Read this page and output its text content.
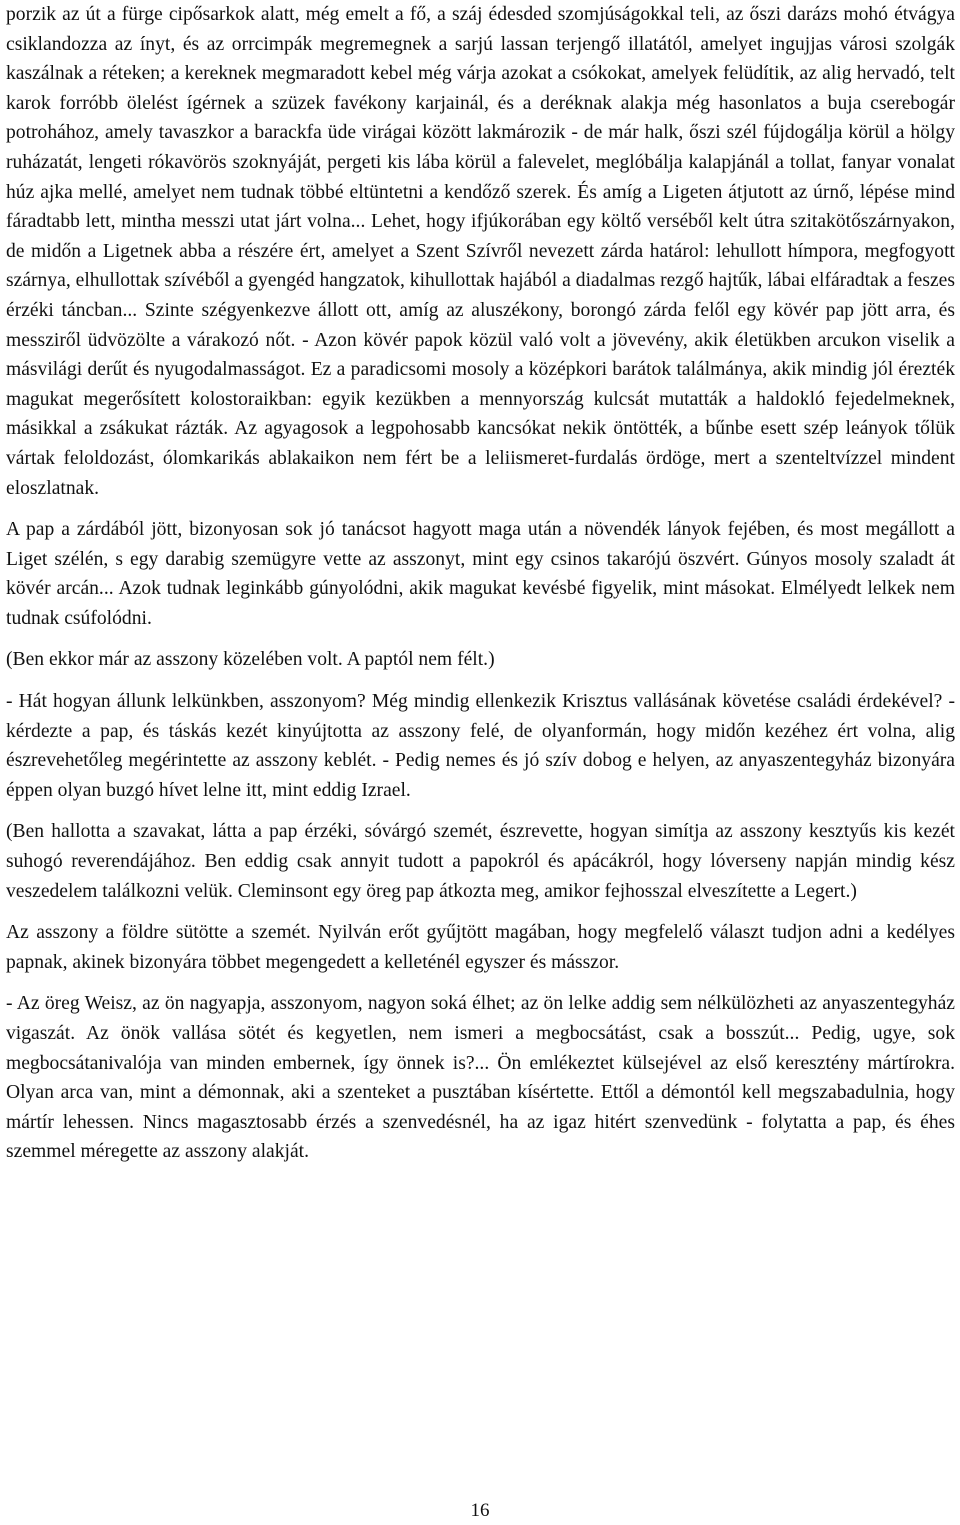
porzik az út a fürge cipősarkok alatt, még emelt a fő, a száj édesded szomjúságokkal teli, az őszi darázs mohó étvágya csiklandozza az ínyt, és az orrcimpák megremegnek a sarjú lassan terjengő illatától, amelyet ingujjas városi szolgák kaszálnak a réteken; a kereknek megmaradott kebel még várja azokat a csókokat, amelyek felüdítik, az alig hervadó, telt karok forróbb ölelést ígérnek a szüzek favékony karjainál, és a deréknak alakja még hasonlatos a buja cserebogár potrohához, amely tavaszkor a barackfa üde virágai között lakmározik - de már halk, őszi szél fújdogálja körül a hölgy ruházatát, lengeti rókavörös szoknyáját, pergeti kis lába körül a falevelet, meglóbálja kalapjánál a tollat, fanyar vonalat húz ajka mellé, amelyet nem tudnak többé eltüntetni a kendőző szerek. És amíg a Ligeten átjutott az úrnő, lépése mind fáradtabb lett, mintha messzi utat járt volna... Lehet, hogy ifjúkorában egy költő verséből kelt útra szitakötőszárnyakon, de midőn a Ligetnek abba a részére ért, amelyet a Szent Szívről nevezett zárda határol: lehullott hímpora, megfogyott szárnya, elhullottak szívéből a gyengéd hangzatok, kihullottak hajából a diadalmas rezgő hajtűk, lábai elfáradtak a feszes érzéki táncban... Szinte szégyenkezve állott ott, amíg az aluszékony, borongó zárda felől egy kövér pap jött arra, és messziről üdvözölte a várakozó nőt. - Azon kövér papok közül való volt a jövevény, akik életükben arcukon viselik a másvilági derűt és nyugodalmasságot. Ez a paradicsomi mosoly a középkori barátok találmánya, akik mindig jól érezték magukat megerősített kolostoraikban: egyik kezükben a mennyország kulcsát mutatták a haldokló fejedelmeknek, másikkal a zsákukat rázták. Az agyagosok a legpohosabb kancsókat nekik öntötték, a bűnbe esett szép leányok tőlük vártak feloldozást, ólomkarikás ablakaikon nem fért be a leliismeret-furdalás ördöge, mert a szenteltvízzel mindent eloszlatnak.

A pap a zárdából jött, bizonyosan sok jó tanácsot hagyott maga után a növendék lányok fejében, és most megállott a Liget szélén, s egy darabig szemügyre vette az asszonyt, mint egy csinos takarójú öszvért. Gúnyos mosoly szaladt át kövér arcán... Azok tudnak leginkább gúnyolódni, akik magukat kevésbé figyelik, mint másokat. Elmélyedt lelkek nem tudnak csúfolódni.

(Ben ekkor már az asszony közelében volt. A paptól nem félt.)

- Hát hogyan állunk lelkünkben, asszonyom? Még mindig ellenkezik Krisztus vallásának követése családi érdekével? - kérdezte a pap, és táskás kezét kinyújtotta az asszony felé, de olyanformán, hogy midőn kezéhez ért volna, alig észrevehetőleg megérintette az asszony keblét. - Pedig nemes és jó szív dobog e helyen, az anyaszentegyház bizonyára éppen olyan buzgó hívet lelne itt, mint eddig Izrael.

(Ben hallotta a szavakat, látta a pap érzéki, sóvárgó szemét, észrevette, hogyan simítja az asszony kesztyűs kis kezét suhogó reverendájához. Ben eddig csak annyit tudott a papokról és apácákról, hogy lóverseny napján mindig kész veszedelem találkozni velük. Cleminsont egy öreg pap átkozta meg, amikor fejhosszal elveszítette a Legert.)

Az asszony a földre sütötte a szemét. Nyilván erőt gyűjtött magában, hogy megfelelő választ tudjon adni a kedélyes papnak, akinek bizonyára többet megengedett a kelleténél egyszer és másszor.

- Az öreg Weisz, az ön nagyapja, asszonyom, nagyon soká élhet; az ön lelke addig sem nélkülözheti az anyaszentegyház vigaszát. Az önök vallása sötét és kegyetlen, nem ismeri a megbocsátást, csak a bosszút... Pedig, ugye, sok megbocsátanivalója van minden embernek, így önnek is?... Ön emlékeztet külsejével az első keresztény mártírokra. Olyan arca van, mint a démonnak, aki a szenteket a pusztában kísértette. Ettől a démontól kell megszabadulnia, hogy mártír lehessen. Nincs magasztosabb érzés a szenvedésnél, ha az igaz hitért szenvedünk - folytatta a pap, és éhes szemmel méregette az asszony alakját.

16
